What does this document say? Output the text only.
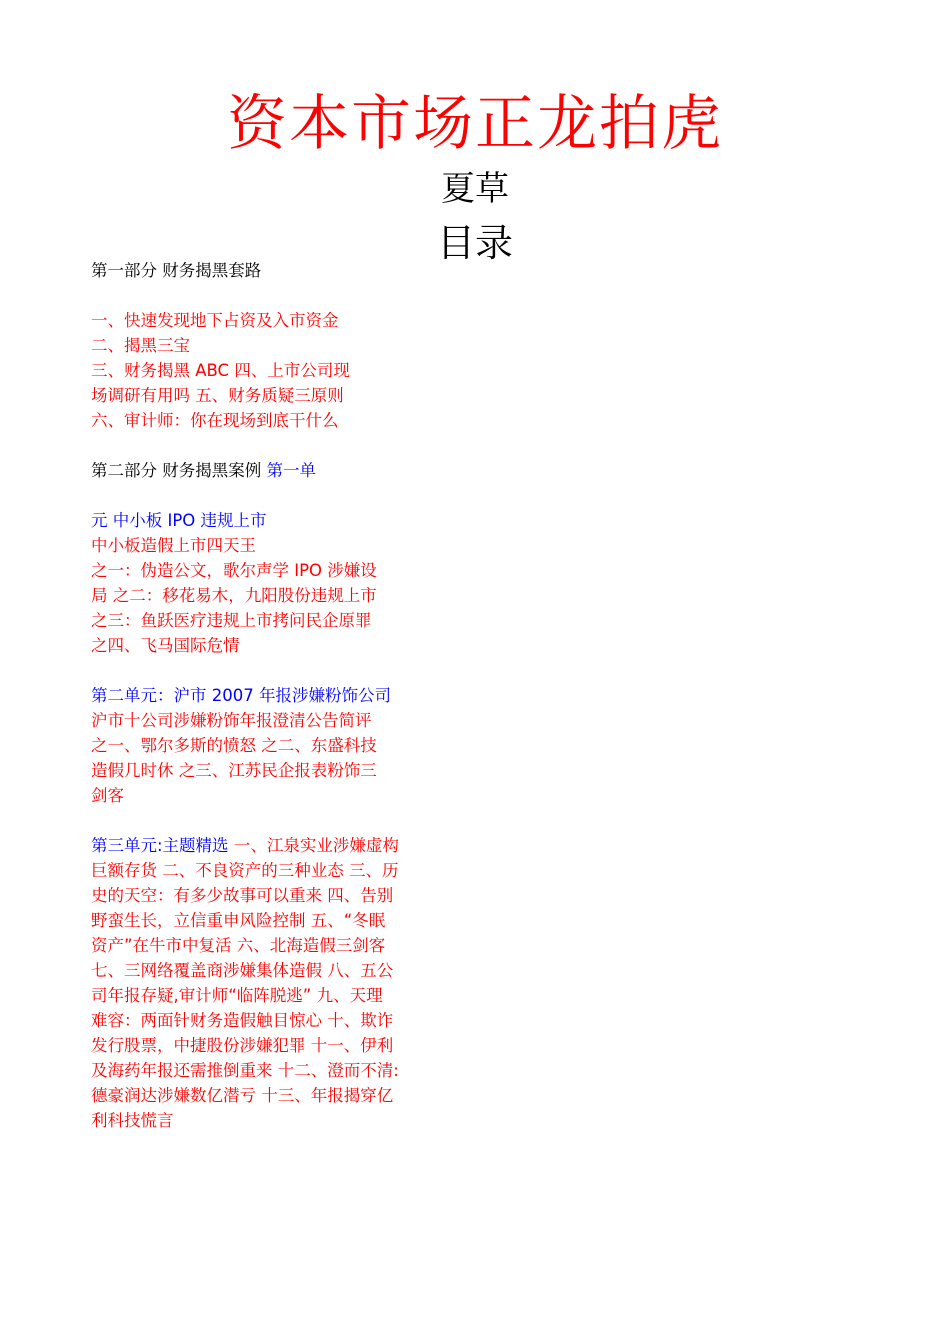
资本市场正龙拍虎
夏草
目录
第一部分 财务揭黑套路
一、快速发现地下占资及入市资金
二、揭黑三宝
三、财务揭黑 ABC 四、上市公司现
场调研有用吗 五、财务质疑三原则
六、审计师：你在现场到底干什么
第二部分 财务揭黑案例 第一单
元 中小板 IPO 违规上市
中小板造假上市四天王
之一：伪造公文，歌尔声学 IPO 涉嫌设
局 之二：移花易木，九阳股份违规上市
之三：鱼跃医疗违规上市拷问民企原罪
之四、飞马国际危情
第二单元：沪市 2007 年报涉嫌粉饰公司
沪市十公司涉嫌粉饰年报澄清公告简评
之一、鄂尔多斯的愤怒 之二、东盛科技
造假几时休 之三、江苏民企报表粉饰三
剑客
第三单元:主题精选 一、江泉实业涉嫌虚构
巨额存货 二、不良资产的三种业态 三、历
史的天空：有多少故事可以重来 四、告别
野蛮生长，立信重申风险控制 五、“冬眠
资产”在牛市中复活 六、北海造假三剑客
七、三网络覆盖商涉嫌集体造假 八、五公
司年报存疑,审计师“临阵脱逃” 九、天理
难容：两面针财务造假触目惊心 十、欺诈
发行股票，中捷股份涉嫌犯罪 十一、伊利
及海药年报还需推倒重来 十二、澄而不清:
德豪润达涉嫌数亿潜亏 十三、年报揭穿亿
利科技慌言
